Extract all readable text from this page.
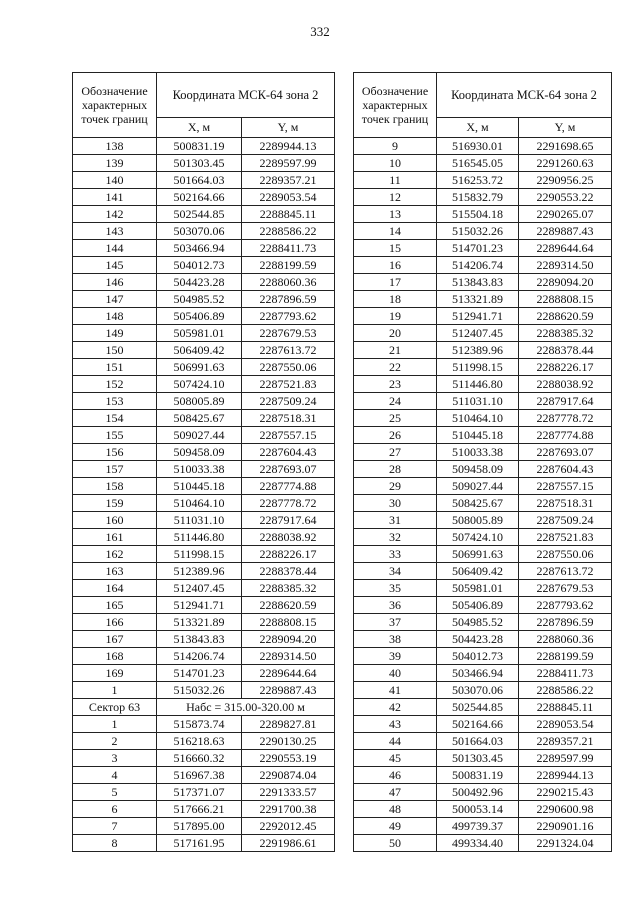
332
Обозначение характерных точек границ	Координата МСК-64 зона 2	
	X, м	Y, м
138	500831.19	2289944.13
139	501303.45	2289597.99
140	501664.03	2289357.21
141	502164.66	2289053.54
142	502544.85	2288845.11
143	503070.06	2288586.22
144	503466.94	2288411.73
145	504012.73	2288199.59
146	504423.28	2288060.36
147	504985.52	2287896.59
148	505406.89	2287793.62
149	505981.01	2287679.53
150	506409.42	2287613.72
151	506991.63	2287550.06
152	507424.10	2287521.83
153	508005.89	2287509.24
154	508425.67	2287518.31
155	509027.44	2287557.15
156	509458.09	2287604.43
157	510033.38	2287693.07
158	510445.18	2287774.88
159	510464.10	2287778.72
160	511031.10	2287917.64
161	511446.80	2288038.92
162	511998.15	2288226.17
163	512389.96	2288378.44
164	512407.45	2288385.32
165	512941.71	2288620.59
166	513321.89	2288808.15
167	513843.83	2289094.20
168	514206.74	2289314.50
169	514701.23	2289644.64
1	515032.26	2289887.43
Сектор 63	Набс = 315.00-320.00 м	
1	515873.74	2289827.81
2	516218.63	2290130.25
3	516660.32	2290553.19
4	516967.38	2290874.04
5	517371.07	2291333.57
6	517666.21	2291700.38
7	517895.00	2292012.45
8	517161.95	2291986.61
Обозначение характерных точек границ	Координата МСК-64 зона 2	
	X, м	Y, м
9	516930.01	2291698.65
10	516545.05	2291260.63
11	516253.72	2290956.25
12	515832.79	2290553.22
13	515504.18	2290265.07
14	515032.26	2289887.43
15	514701.23	2289644.64
16	514206.74	2289314.50
17	513843.83	2289094.20
18	513321.89	2288808.15
19	512941.71	2288620.59
20	512407.45	2288385.32
21	512389.96	2288378.44
22	511998.15	2288226.17
23	511446.80	2288038.92
24	511031.10	2287917.64
25	510464.10	2287778.72
26	510445.18	2287774.88
27	510033.38	2287693.07
28	509458.09	2287604.43
29	509027.44	2287557.15
30	508425.67	2287518.31
31	508005.89	2287509.24
32	507424.10	2287521.83
33	506991.63	2287550.06
34	506409.42	2287613.72
35	505981.01	2287679.53
36	505406.89	2287793.62
37	504985.52	2287896.59
38	504423.28	2288060.36
39	504012.73	2288199.59
40	503466.94	2288411.73
41	503070.06	2288586.22
42	502544.85	2288845.11
43	502164.66	2289053.54
44	501664.03	2289357.21
45	501303.45	2289597.99
46	500831.19	2289944.13
47	500492.96	2290215.43
48	500053.14	2290600.98
49	499739.37	2290901.16
50	499334.40	2291324.04
